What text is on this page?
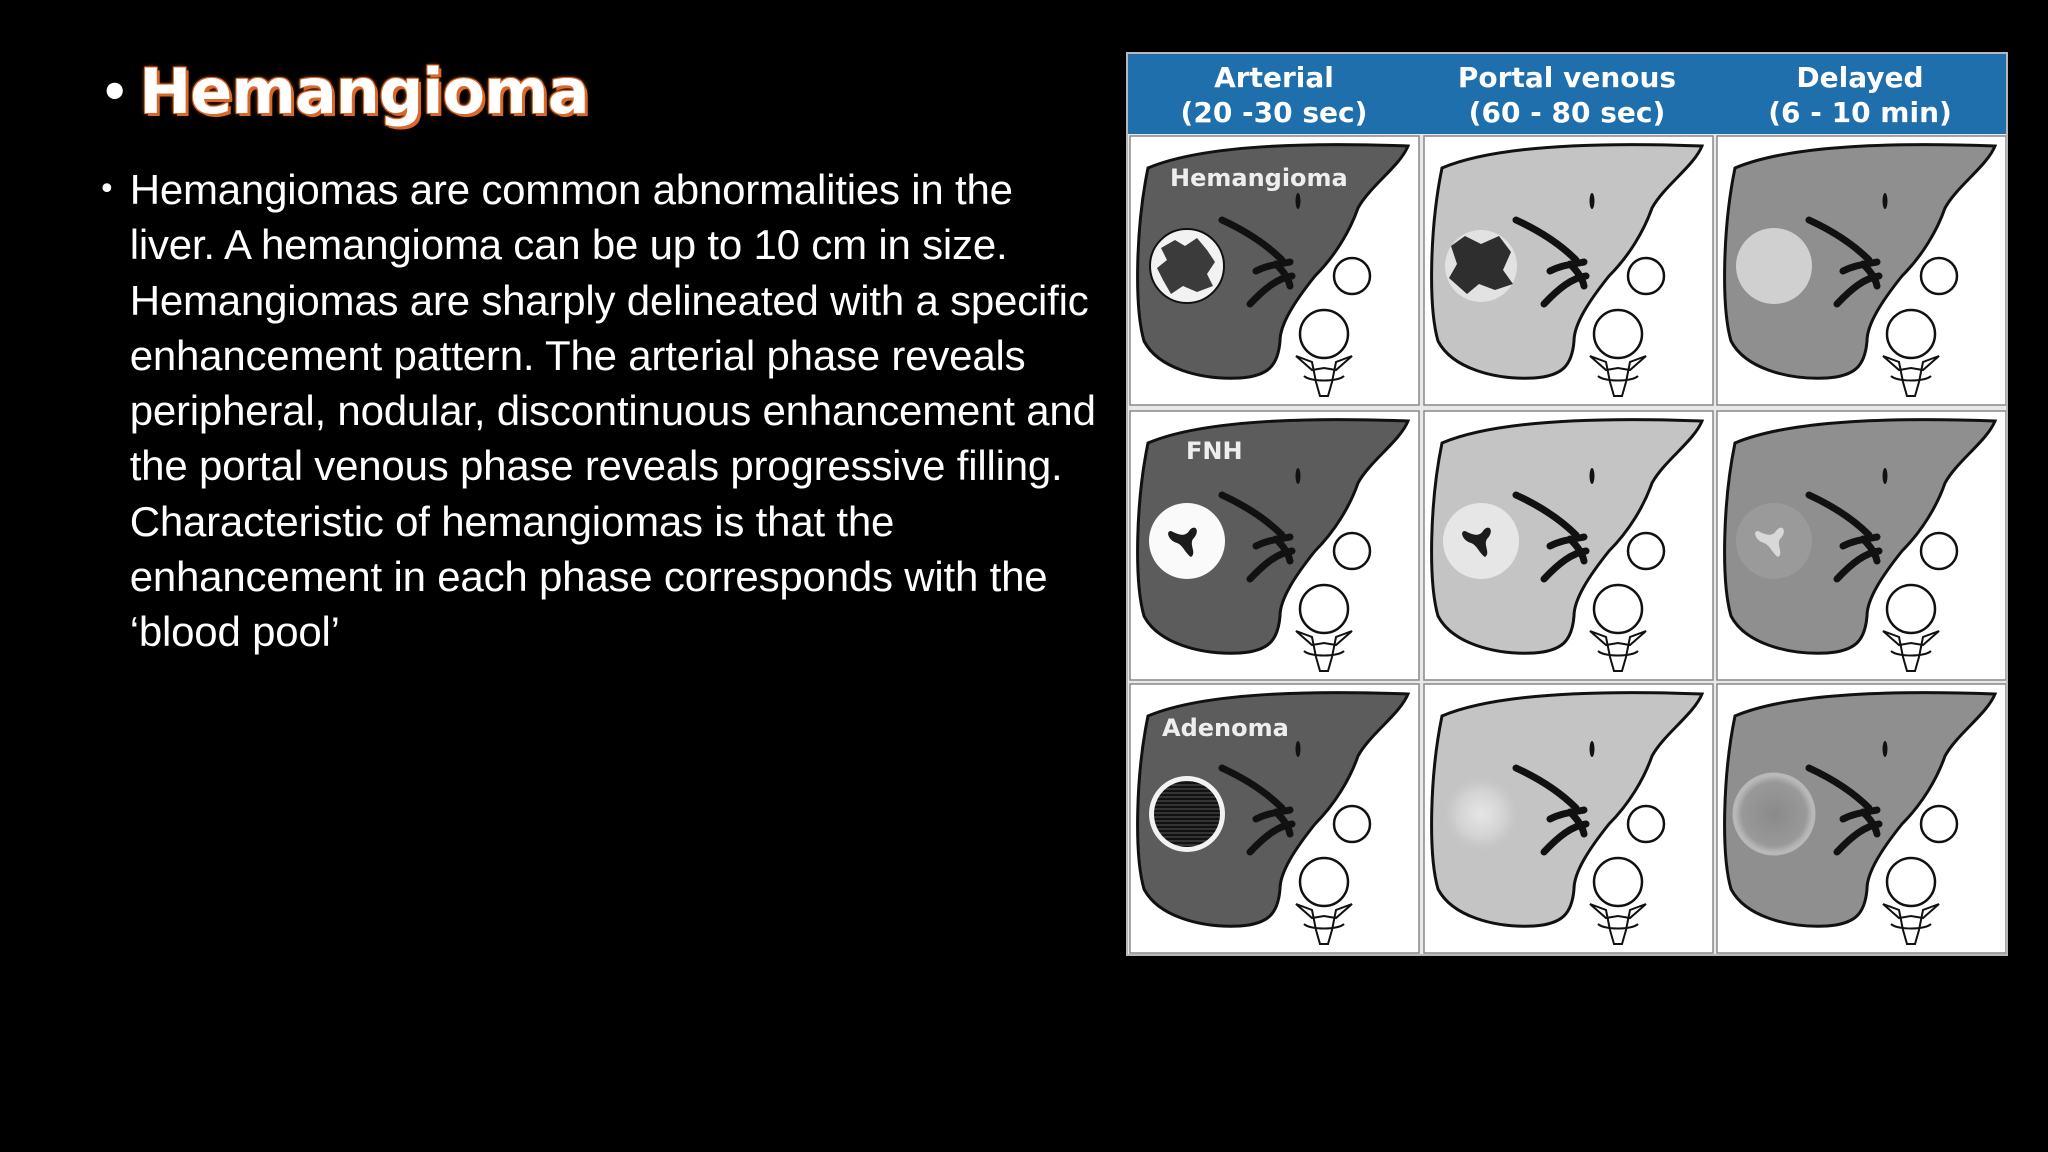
• Hemangioma
• Hemangiomas are common abnormalities in the liver. A hemangioma can be up to 10 cm in size. Hemangiomas are sharply delineated with a specific enhancement pattern. The arterial phase reveals peripheral, nodular, discontinuous enhancement and the portal venous phase reveals progressive filling. Characteristic of hemangiomas is that the enhancement in each phase corresponds with the ‘blood pool’
Arterial
(20 -30 sec)
Portal venous
(60 - 80 sec)
Delayed
(6 - 10 min)
Hemangioma
FNH
Adenoma
